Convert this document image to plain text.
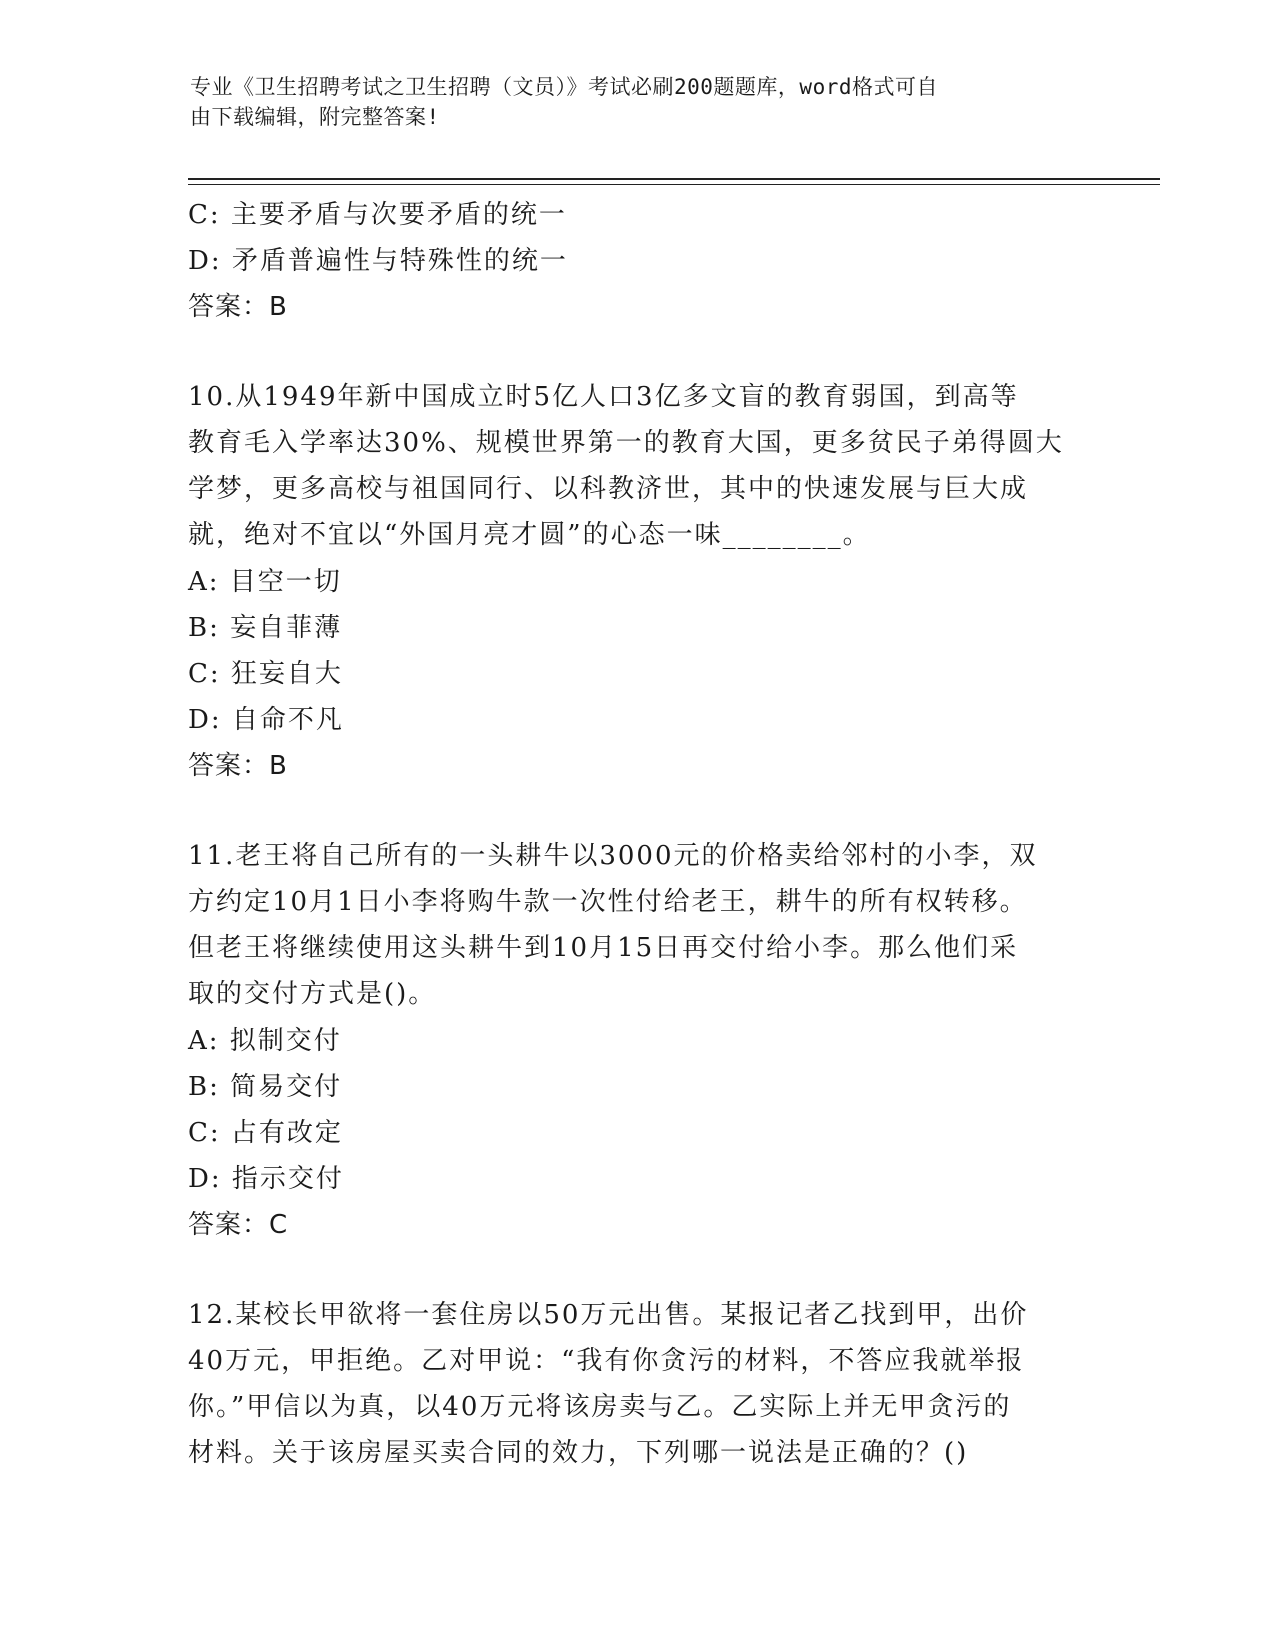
专业《卫生招聘考试之卫生招聘（文员）》考试必刷200题题库，word格式可自
由下载编辑，附完整答案!
C: 主要矛盾与次要矛盾的统一
D: 矛盾普遍性与特殊性的统一
答案：B
10.从1949年新中国成立时5亿人口3亿多文盲的教育弱国，到高等
教育毛入学率达30%、规模世界第一的教育大国，更多贫民子弟得圆大
学梦，更多高校与祖国同行、以科教济世，其中的快速发展与巨大成
就，绝对不宜以“外国月亮才圆”的心态一味________。
A: 目空一切
B: 妄自菲薄
C: 狂妄自大
D: 自命不凡
答案：B
11.老王将自己所有的一头耕牛以3000元的价格卖给邻村的小李，双
方约定10月1日小李将购牛款一次性付给老王，耕牛的所有权转移。
但老王将继续使用这头耕牛到10月15日再交付给小李。那么他们采
取的交付方式是()。
A: 拟制交付
B: 简易交付
C: 占有改定
D: 指示交付
答案：C
12.某校长甲欲将一套住房以50万元出售。某报记者乙找到甲，出价
40万元，甲拒绝。乙对甲说：“我有你贪污的材料，不答应我就举报
你。”甲信以为真，以40万元将该房卖与乙。乙实际上并无甲贪污的
材料。关于该房屋买卖合同的效力，下列哪一说法是正确的？()
